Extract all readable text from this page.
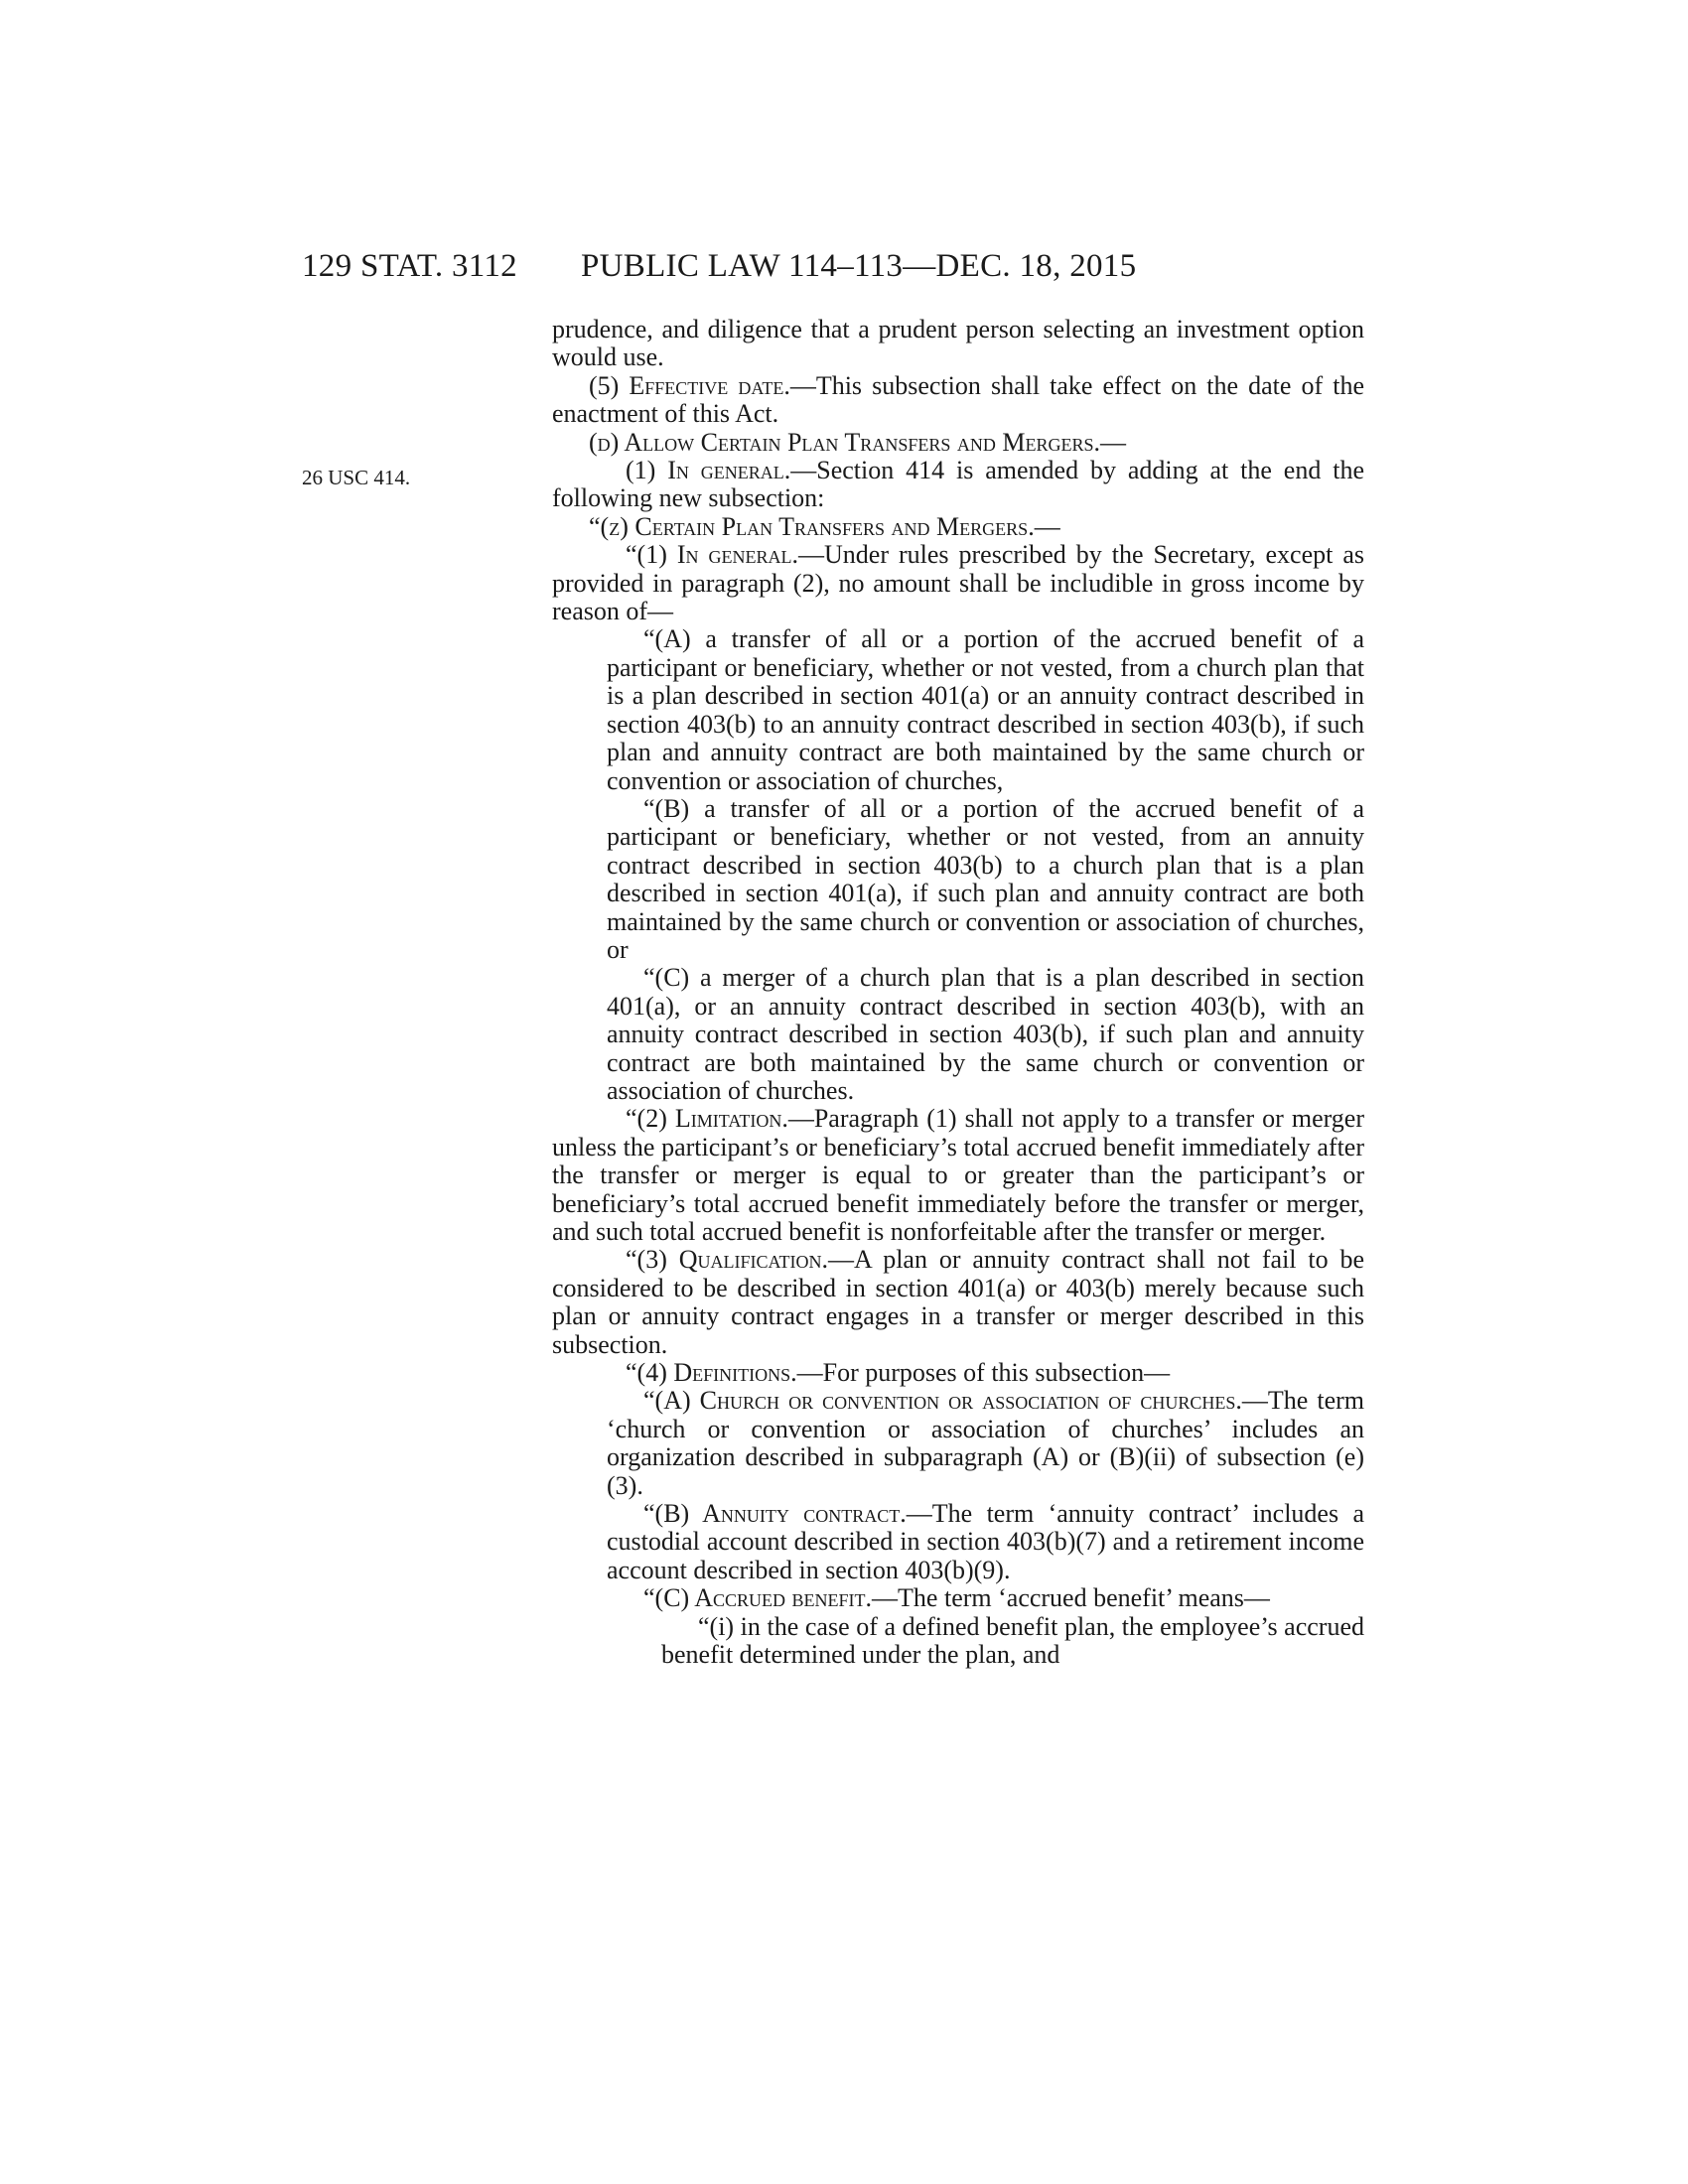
129 STAT. 3112 PUBLIC LAW 114–113—DEC. 18, 2015
26 USC 414.

prudence, and diligence that a prudent person selecting an investment option would use.

(5) Effective date.—This subsection shall take effect on the date of the enactment of this Act.

(d) Allow Certain Plan Transfers and Mergers.—

(1) In general.—Section 414 is amended by adding at the end the following new subsection:

“(z) Certain Plan Transfers and Mergers.—

“(1) In general.—Under rules prescribed by the Secretary, except as provided in paragraph (2), no amount shall be includible in gross income by reason of—

“(A) a transfer of all or a portion of the accrued benefit of a participant or beneficiary, whether or not vested, from a church plan that is a plan described in section 401(a) or an annuity contract described in section 403(b) to an annuity contract described in section 403(b), if such plan and annuity contract are both maintained by the same church or convention or association of churches,

“(B) a transfer of all or a portion of the accrued benefit of a participant or beneficiary, whether or not vested, from an annuity contract described in section 403(b) to a church plan that is a plan described in section 401(a), if such plan and annuity contract are both maintained by the same church or convention or association of churches, or

“(C) a merger of a church plan that is a plan described in section 401(a), or an annuity contract described in section 403(b), with an annuity contract described in section 403(b), if such plan and annuity contract are both maintained by the same church or convention or association of churches.

“(2) Limitation.—Paragraph (1) shall not apply to a transfer or merger unless the participant’s or beneficiary’s total accrued benefit immediately after the transfer or merger is equal to or greater than the participant’s or beneficiary’s total accrued benefit immediately before the transfer or merger, and such total accrued benefit is nonforfeitable after the transfer or merger.

“(3) Qualification.—A plan or annuity contract shall not fail to be considered to be described in section 401(a) or 403(b) merely because such plan or annuity contract engages in a transfer or merger described in this subsection.

“(4) Definitions.—For purposes of this subsection—

“(A) Church or convention or association of churches.—The term ‘church or convention or association of churches’ includes an organization described in subparagraph (A) or (B)(ii) of subsection (e)(3).

“(B) Annuity contract.—The term ‘annuity contract’ includes a custodial account described in section 403(b)(7) and a retirement income account described in section 403(b)(9).

“(C) Accrued benefit.—The term ‘accrued benefit’ means—

“(i) in the case of a defined benefit plan, the employee’s accrued benefit determined under the plan, and
